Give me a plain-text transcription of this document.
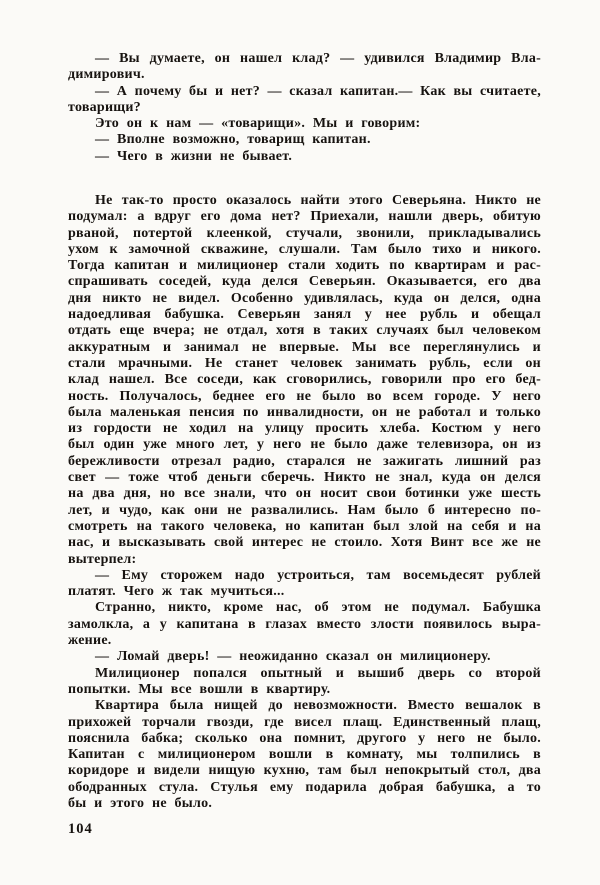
— Вы думаете, он нашел клад? — удивился Владимир Вла-
димирович.
— А почему бы и нет? — сказал капитан.— Как вы считаете,
товарищи?
Это он к нам — «товарищи». Мы и говорим:
— Вполне возможно, товарищ капитан.
— Чего в жизни не бывает.
Не так-то просто оказалось найти этого Северьяна. Никто не
подумал: а вдруг его дома нет? Приехали, нашли дверь, обитую
рваной, потертой клеенкой, стучали, звонили, прикладывались
ухом к замочной скважине, слушали. Там было тихо и никого.
Тогда капитан и милиционер стали ходить по квартирам и рас-
спрашивать соседей, куда делся Северьян. Оказывается, его два
дня никто не видел. Особенно удивлялась, куда он делся, одна
надоедливая бабушка. Северьян занял у нее рубль и обещал
отдать еще вчера; не отдал, хотя в таких случаях был человеком
аккуратным и занимал не впервые. Мы все переглянулись и
стали мрачными. Не станет человек занимать рубль, если он
клад нашел. Все соседи, как сговорились, говорили про его бед-
ность. Получалось, беднее его не было во всем городе. У него
была маленькая пенсия по инвалидности, он не работал и только
из гордости не ходил на улицу просить хлеба. Костюм у него
был один уже много лет, у него не было даже телевизора, он из
бережливости отрезал радио, старался не зажигать лишний раз
свет — тоже чтоб деньги сберечь. Никто не знал, куда он делся
на два дня, но все знали, что он носит свои ботинки уже шесть
лет, и чудо, как они не развалились. Нам было б интересно по-
смотреть на такого человека, но капитан был злой на себя и на
нас, и высказывать свой интерес не стоило. Хотя Винт все же не
вытерпел:
— Ему сторожем надо устроиться, там восемьдесят рублей
платят. Чего ж так мучиться...
Странно, никто, кроме нас, об этом не подумал. Бабушка
замолкла, а у капитана в глазах вместо злости появилось выра-
жение.
— Ломай дверь! — неожиданно сказал он милиционеру.
Милиционер попался опытный и вышиб дверь со второй
попытки. Мы все вошли в квартиру.
Квартира была нищей до невозможности. Вместо вешалок в
прихожей торчали гвозди, где висел плащ. Единственный плащ,
пояснила бабка; сколько она помнит, другого у него не было.
Капитан с милиционером вошли в комнату, мы толпились в
коридоре и видели нищую кухню, там был непокрытый стол, два
ободранных стула. Стулья ему подарила добрая бабушка, а то
бы и этого не было.
104
